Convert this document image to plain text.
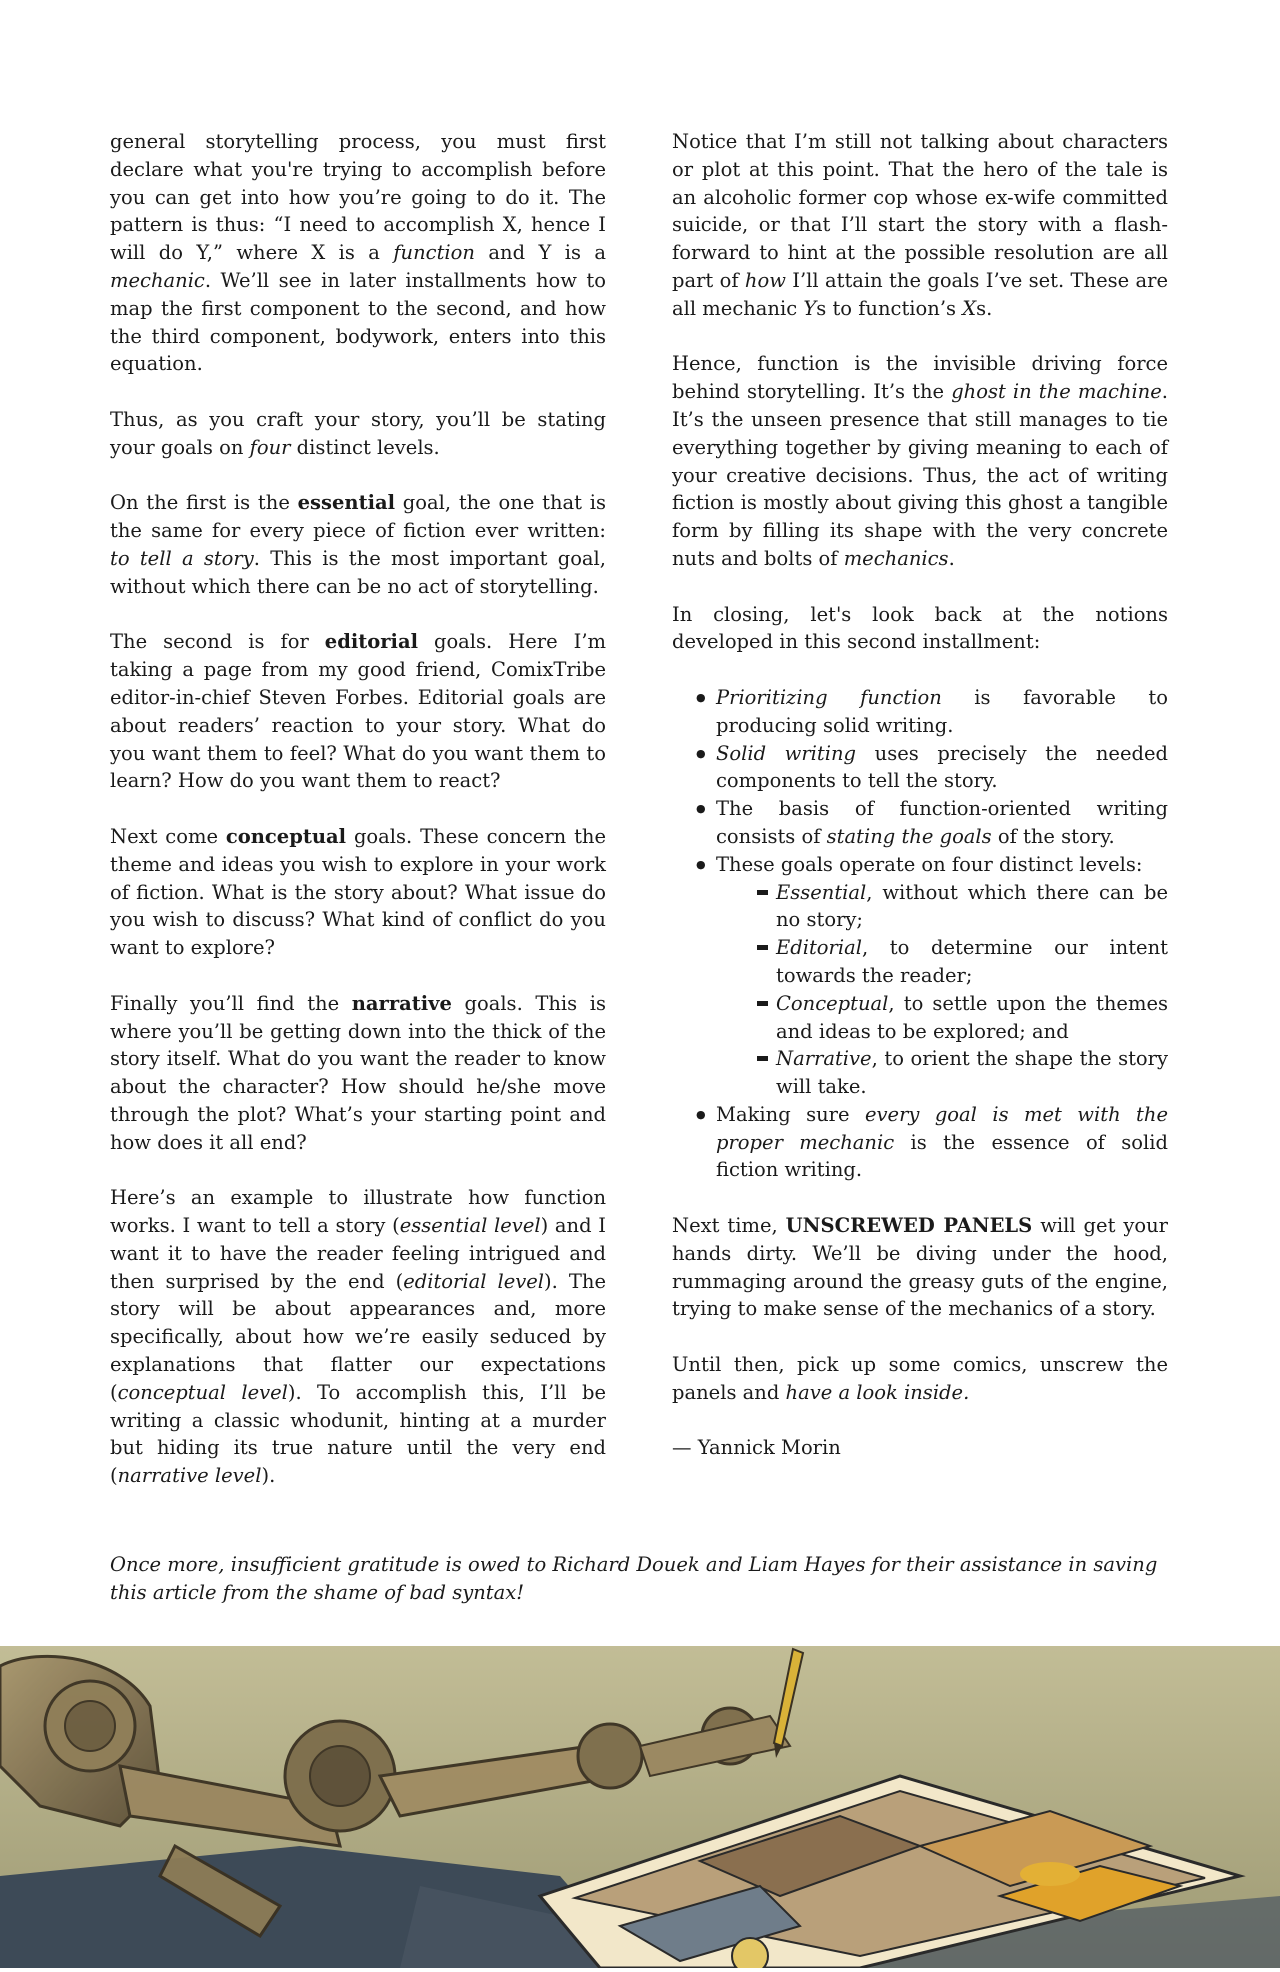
general storytelling process, you must first declare what you're trying to accomplish before you can get into how you’re going to do it. The pattern is thus: “I need to accomplish X, hence I will do Y,” where X is a function and Y is a mechanic. We’ll see in later installments how to map the first component to the second, and how the third component, bodywork, enters into this equation.

Thus, as you craft your story, you’ll be stating your goals on four distinct levels.

On the first is the essential goal, the one that is the same for every piece of fiction ever written: to tell a story. This is the most important goal, without which there can be no act of storytelling.

The second is for editorial goals. Here I’m taking a page from my good friend, ComixTribe editor-in-chief Steven Forbes. Editorial goals are about readers’ reaction to your story. What do you want them to feel? What do you want them to learn? How do you want them to react?

Next come conceptual goals. These concern the theme and ideas you wish to explore in your work of fiction. What is the story about? What issue do you wish to discuss? What kind of conflict do you want to explore?

Finally you’ll find the narrative goals. This is where you’ll be getting down into the thick of the story itself. What do you want the reader to know about the character? How should he/she move through the plot? What’s your starting point and how does it all end?

Here’s an example to illustrate how function works. I want to tell a story (essential level) and I want it to have the reader feeling intrigued and then surprised by the end (editorial level). The story will be about appearances and, more specifically, about how we’re easily seduced by explanations that flatter our expectations (conceptual level). To accomplish this, I’ll be writing a classic whodunit, hinting at a murder but hiding its true nature until the very end (narrative level).

Notice that I’m still not talking about characters or plot at this point. That the hero of the tale is an alcoholic former cop whose ex-wife committed suicide, or that I’ll start the story with a flash-forward to hint at the possible resolution are all part of how I’ll attain the goals I’ve set. These are all mechanic Ys to function’s Xs.

Hence, function is the invisible driving force behind storytelling. It’s the ghost in the machine. It’s the unseen presence that still manages to tie everything together by giving meaning to each of your creative decisions. Thus, the act of writing fiction is mostly about giving this ghost a tangible form by filling its shape with the very concrete nuts and bolts of mechanics.

In closing, let's look back at the notions developed in this second installment:

● Prioritizing function is favorable to producing solid writing.
● Solid writing uses precisely the needed components to tell the story.
● The basis of function-oriented writing consists of stating the goals of the story.
● These goals operate on four distinct levels:
Essential, without which there can be no story;
Editorial, to determine our intent towards the reader;
Conceptual, to settle upon the themes and ideas to be explored; and
Narrative, to orient the shape the story will take.
● Making sure every goal is met with the proper mechanic is the essence of solid fiction writing.

Next time, UNSCREWED PANELS will get your hands dirty. We’ll be diving under the hood, rummaging around the greasy guts of the engine, trying to make sense of the mechanics of a story.

Until then, pick up some comics, unscrew the panels and have a look inside.

— Yannick Morin

Once more, insufficient gratitude is owed to Richard Douek and Liam Hayes for their assistance in saving this article from the shame of bad syntax!
